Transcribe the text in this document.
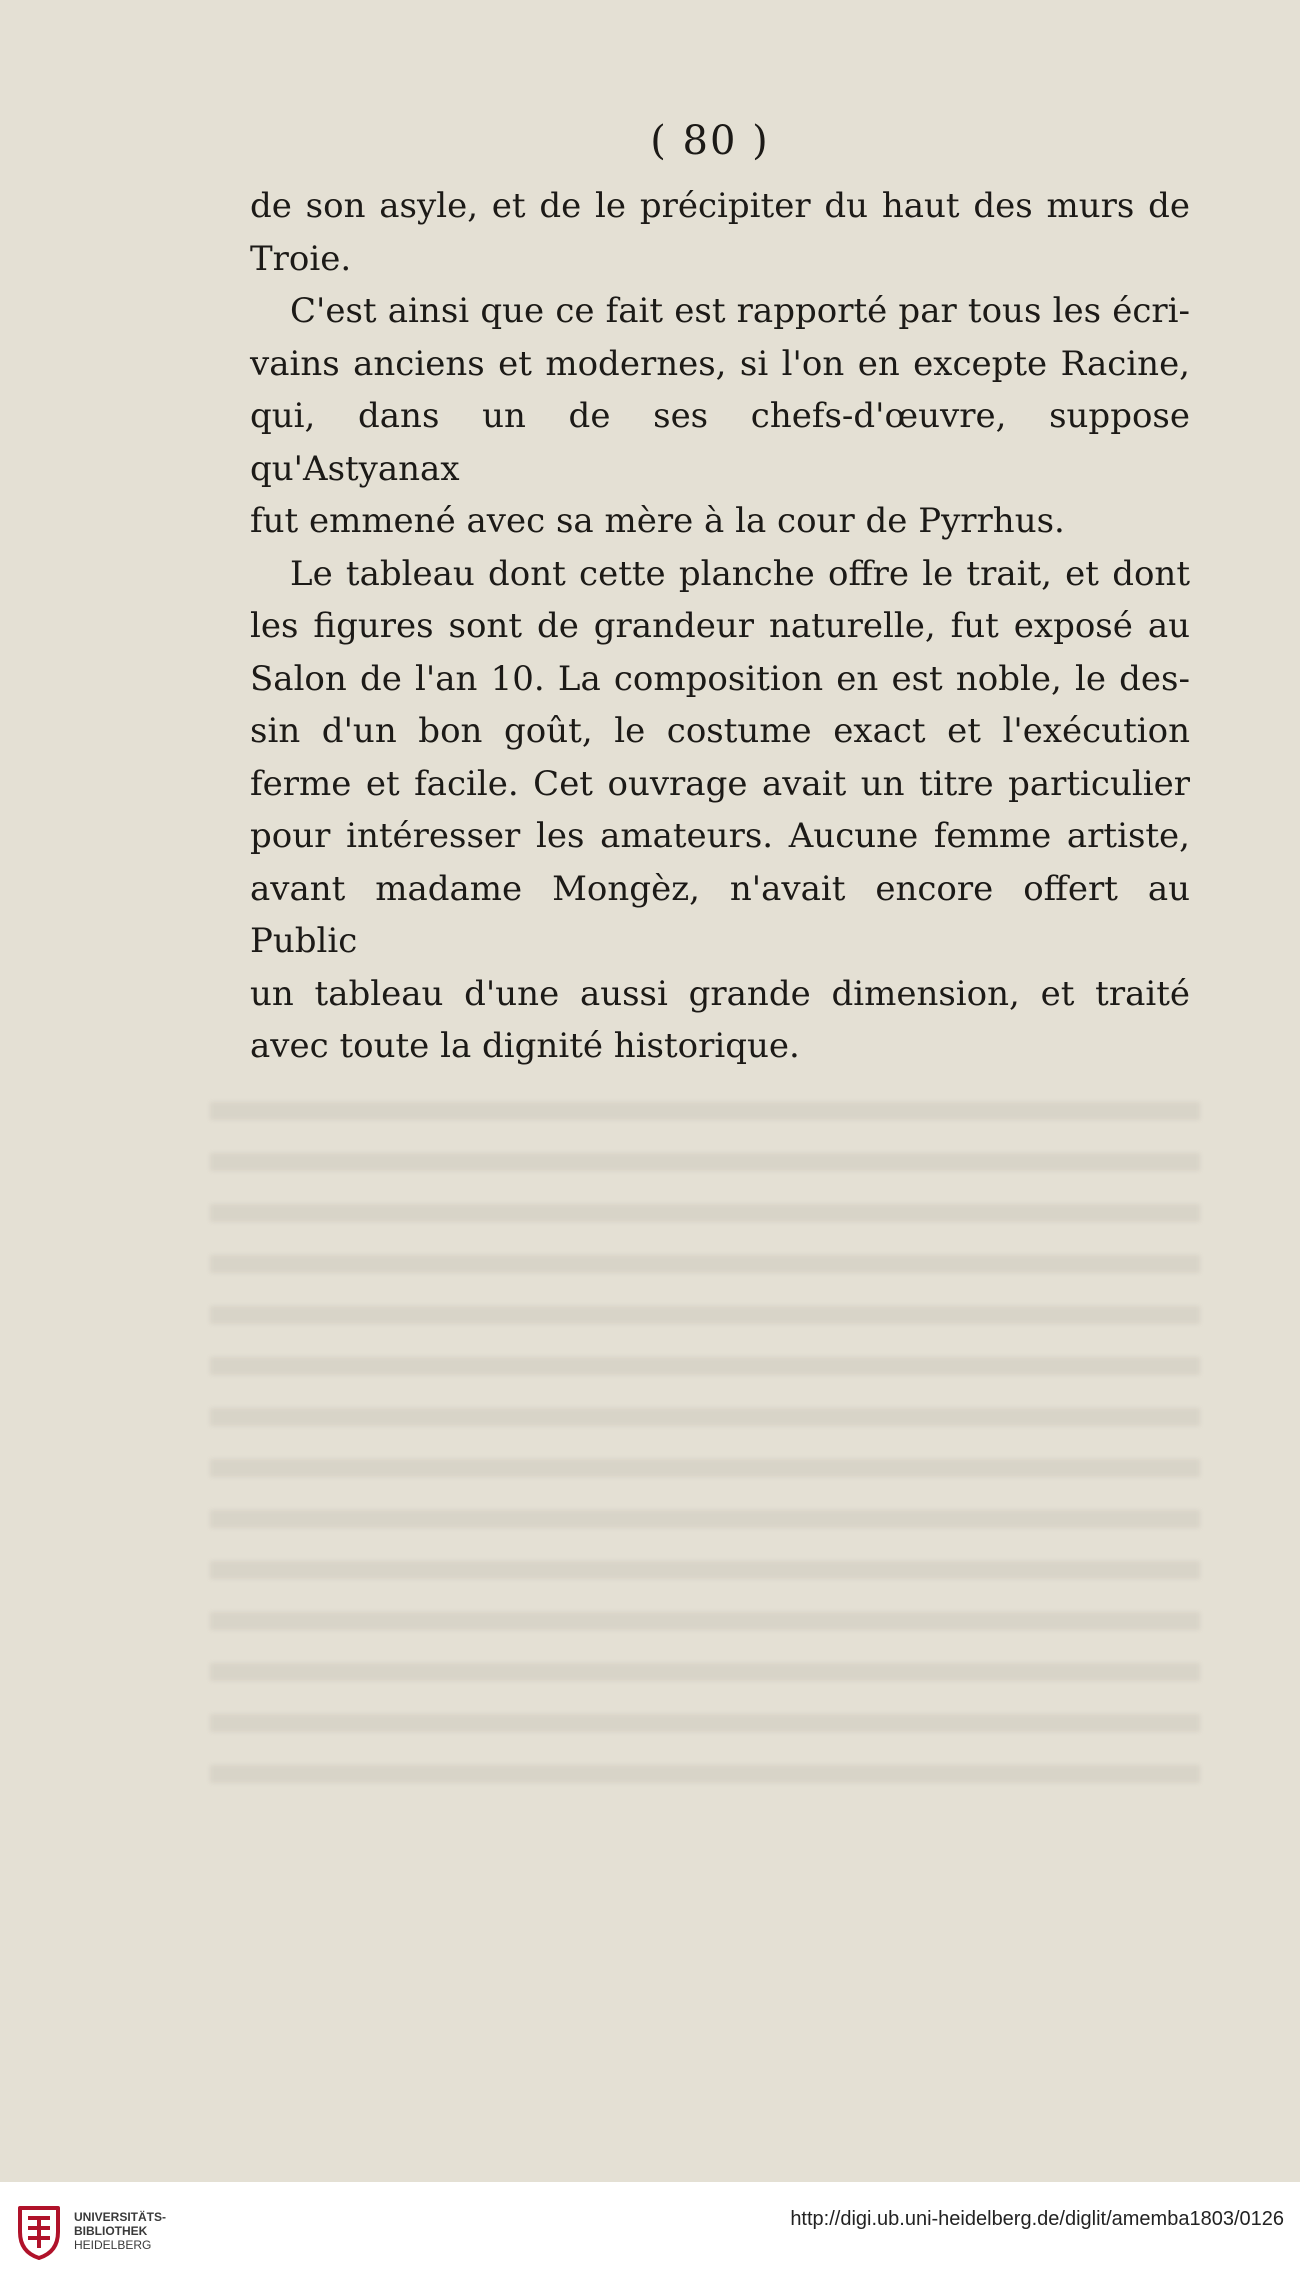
( 80 )

de son asyle, et de le précipiter du haut des murs de

Troie.

C'est ainsi que ce fait est rapporté par tous les écri-

vains anciens et modernes, si l'on en excepte Racine,

qui, dans un de ses chefs-d'œuvre, suppose qu'Astyanax

fut emmené avec sa mère à la cour de Pyrrhus.

Le tableau dont cette planche offre le trait, et dont

les figures sont de grandeur naturelle, fut exposé au

Salon de l'an 10. La composition en est noble, le des-

sin d'un bon goût, le costume exact et l'exécution

ferme et facile. Cet ouvrage avait un titre particulier

pour intéresser les amateurs. Aucune femme artiste,

avant madame Mongèz, n'avait encore offert au Public

un tableau d'une aussi grande dimension, et traité

avec toute la dignité historique.

UNIVERSITÄTS-
BIBLIOTHEK
HEIDELBERG
http://digi.ub.uni-heidelberg.de/diglit/amemba1803/0126
